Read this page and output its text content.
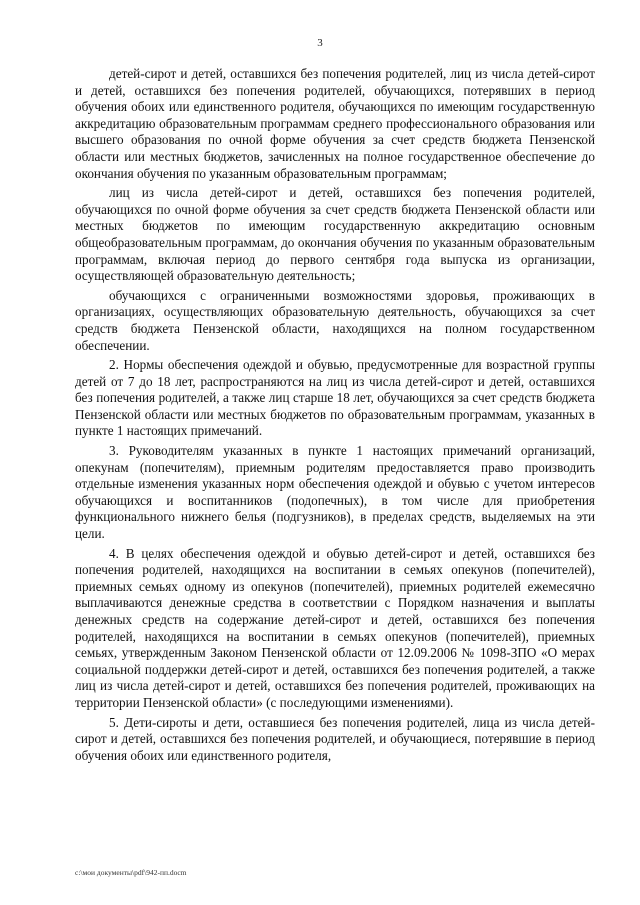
3

детей-сирот и детей, оставшихся без попечения родителей, лиц из числа детей-сирот и детей, оставшихся без попечения родителей, обучающихся, потерявших в период обучения обоих или единственного родителя, обучающихся по имеющим государственную аккредитацию образовательным программам среднего профессионального образования или высшего образования по очной форме обучения за счет средств бюджета Пензенской области или местных бюджетов, зачисленных на полное государственное обеспечение до окончания обучения по указанным образовательным программам;

лиц из числа детей-сирот и детей, оставшихся без попечения родителей, обучающихся по очной форме обучения за счет средств бюджета Пензенской области или местных бюджетов по имеющим государственную аккредитацию основным общеобразовательным программам, до окончания обучения по указанным образовательным программам, включая период до первого сентября года выпуска из организации, осуществляющей образовательную деятельность;

обучающихся с ограниченными возможностями здоровья, проживающих в организациях, осуществляющих образовательную деятельность, обучающихся за счет средств бюджета Пензенской области, находящихся на полном государственном обеспечении.

2. Нормы обеспечения одеждой и обувью, предусмотренные для возрастной группы детей от 7 до 18 лет, распространяются на лиц из числа детей-сирот и детей, оставшихся без попечения родителей, а также лиц старше 18 лет, обучающихся за счет средств бюджета Пензенской области или местных бюджетов по образовательным программам, указанных в пункте 1 настоящих примечаний.

3. Руководителям указанных в пункте 1 настоящих примечаний организаций, опекунам (попечителям), приемным родителям предоставляется право производить отдельные изменения указанных норм обеспечения одеждой и обувью с учетом интересов обучающихся и воспитанников (подопечных), в том числе для приобретения функционального нижнего белья (подгузников), в пределах средств, выделяемых на эти цели.

4. В целях обеспечения одеждой и обувью детей-сирот и детей, оставшихся без попечения родителей, находящихся на воспитании в семьях опекунов (попечителей), приемных семьях одному из опекунов (попечителей), приемных родителей ежемесячно выплачиваются денежные средства в соответствии с Порядком назначения и выплаты денежных средств на содержание детей-сирот и детей, оставшихся без попечения родителей, находящихся на воспитании в семьях опекунов (попечителей), приемных семьях, утвержденным Законом Пензенской области от 12.09.2006 № 1098-ЗПО «О мерах социальной поддержки детей-сирот и детей, оставшихся без попечения родителей, а также лиц из числа детей-сирот и детей, оставшихся без попечения родителей, проживающих на территории Пензенской области» (с последующими изменениями).

5. Дети-сироты и дети, оставшиеся без попечения родителей, лица из числа детей-сирот и детей, оставшихся без попечения родителей, и обучающиеся, потерявшие в период обучения обоих или единственного родителя,

c:\мои документы\pdf\942-пп.docm
